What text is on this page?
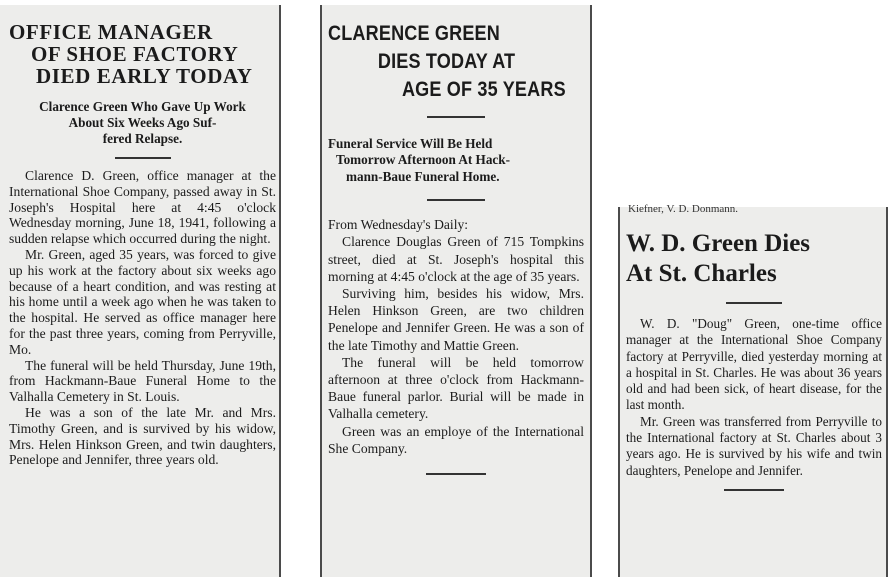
OFFICE MANAGER
OF SHOE FACTORY
DIED EARLY TODAY
Clarence Green Who Gave Up Work
About Six Weeks Ago Suf-
fered Relapse.

Clarence D. Green, office manager at the International Shoe Company, passed away in St. Joseph's Hospital here at 4:45 o'clock Wednesday morning, June 18, 1941, following a sudden relapse which occurred during the night.

Mr. Green, aged 35 years, was forced to give up his work at the factory about six weeks ago because of a heart condition, and was resting at his home until a week ago when he was taken to the hospital. He served as office manager here for the past three years, coming from Perryville, Mo.

The funeral will be held Thursday, June 19th, from Hackmann-Baue Funeral Home to the Valhalla Cemetery in St. Louis.

He was a son of the late Mr. and Mrs. Timothy Green, and is survived by his widow, Mrs. Helen Hinkson Green, and twin daughters, Penelope and Jennifer, three years old.

CLARENCE GREEN
DIES TODAY AT
AGE OF 35 YEARS
Funeral Service Will Be Held
Tomorrow Afternoon At Hack-
mann-Baue Funeral Home.

From Wednesday's Daily:

Clarence Douglas Green of 715 Tompkins street, died at St. Joseph's hospital this morning at 4:45 o'clock at the age of 35 years.

Surviving him, besides his widow, Mrs. Helen Hinkson Green, are two children Penelope and Jennifer Green. He was a son of the late Timothy and Mattie Green.

The funeral will be held tomorrow afternoon at three o'clock from Hackmann-Baue funeral parlor. Burial will be made in Valhalla cemetery.

Green was an employe of the International She Company.

Kiefner, V. D. Donmann.

W. D. Green Dies
At St. Charles

W. D. "Doug" Green, one-time office manager at the International Shoe Company factory at Perryville, died yesterday morning at a hospital in St. Charles. He was about 36 years old and had been sick, of heart disease, for the last month.

Mr. Green was transferred from Perryville to the International factory at St. Charles about 3 years ago. He is survived by his wife and twin daughters, Penelope and Jennifer.
